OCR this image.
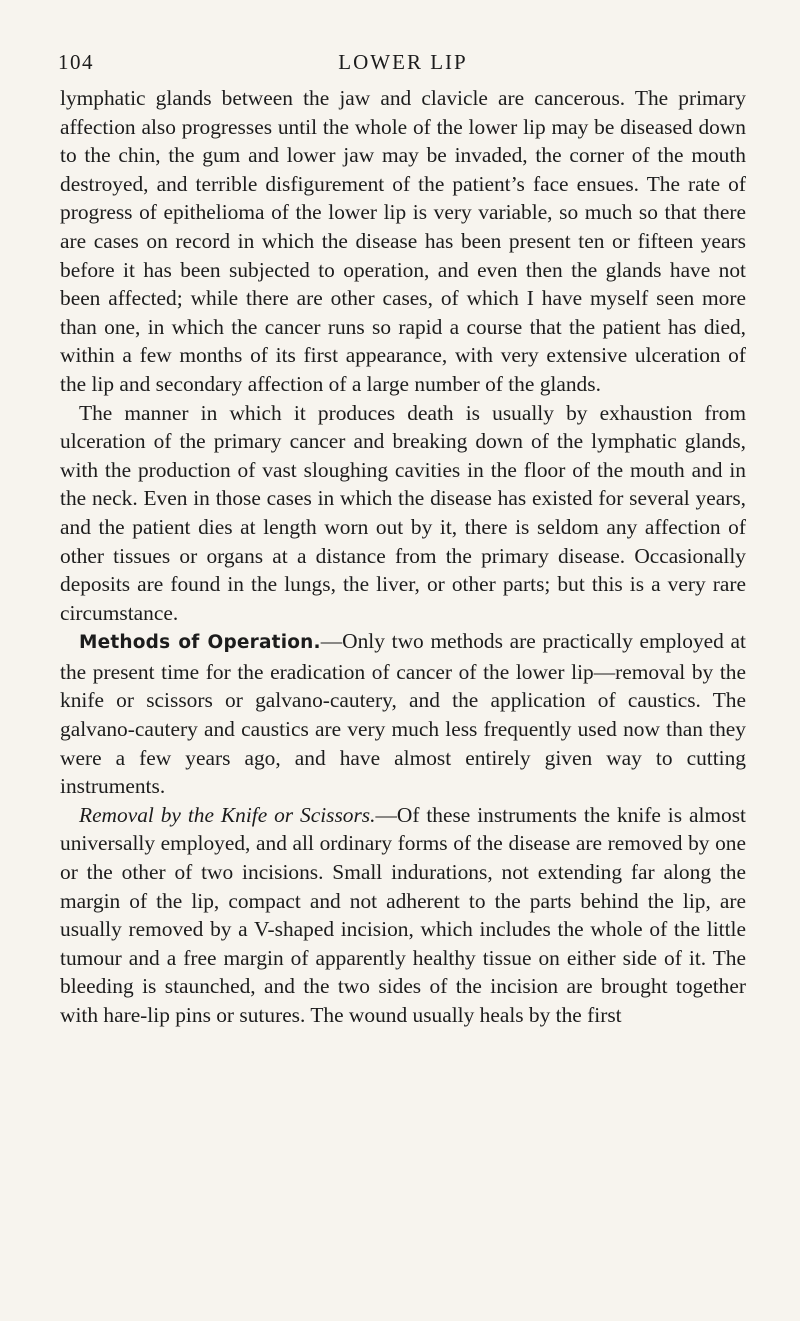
104	LOWER LIP

lymphatic glands between the jaw and clavicle are cancerous. The primary affection also progresses until the whole of the lower lip may be diseased down to the chin, the gum and lower jaw may be invaded, the corner of the mouth destroyed, and terrible disfigurement of the patient’s face ensues. The rate of progress of epithelioma of the lower lip is very variable, so much so that there are cases on record in which the disease has been present ten or fifteen years before it has been subjected to operation, and even then the glands have not been affected; while there are other cases, of which I have myself seen more than one, in which the cancer runs so rapid a course that the patient has died, within a few months of its first appearance, with very extensive ulceration of the lip and secondary affection of a large number of the glands.

The manner in which it produces death is usually by exhaustion from ulceration of the primary cancer and breaking down of the lymphatic glands, with the production of vast sloughing cavities in the floor of the mouth and in the neck. Even in those cases in which the disease has existed for several years, and the patient dies at length worn out by it, there is seldom any affection of other tissues or organs at a distance from the primary disease. Occasionally deposits are found in the lungs, the liver, or other parts; but this is a very rare circumstance.

Methods of Operation.—Only two methods are practically employed at the present time for the eradication of cancer of the lower lip—removal by the knife or scissors or galvano-cautery, and the application of caustics. The galvano-cautery and caustics are very much less frequently used now than they were a few years ago, and have almost entirely given way to cutting instruments.

Removal by the Knife or Scissors.—Of these instruments the knife is almost universally employed, and all ordinary forms of the disease are removed by one or the other of two incisions. Small indurations, not extending far along the margin of the lip, compact and not adherent to the parts behind the lip, are usually removed by a V-shaped incision, which includes the whole of the little tumour and a free margin of apparently healthy tissue on either side of it. The bleeding is staunched, and the two sides of the incision are brought together with hare-lip pins or sutures. The wound usually heals by the first
